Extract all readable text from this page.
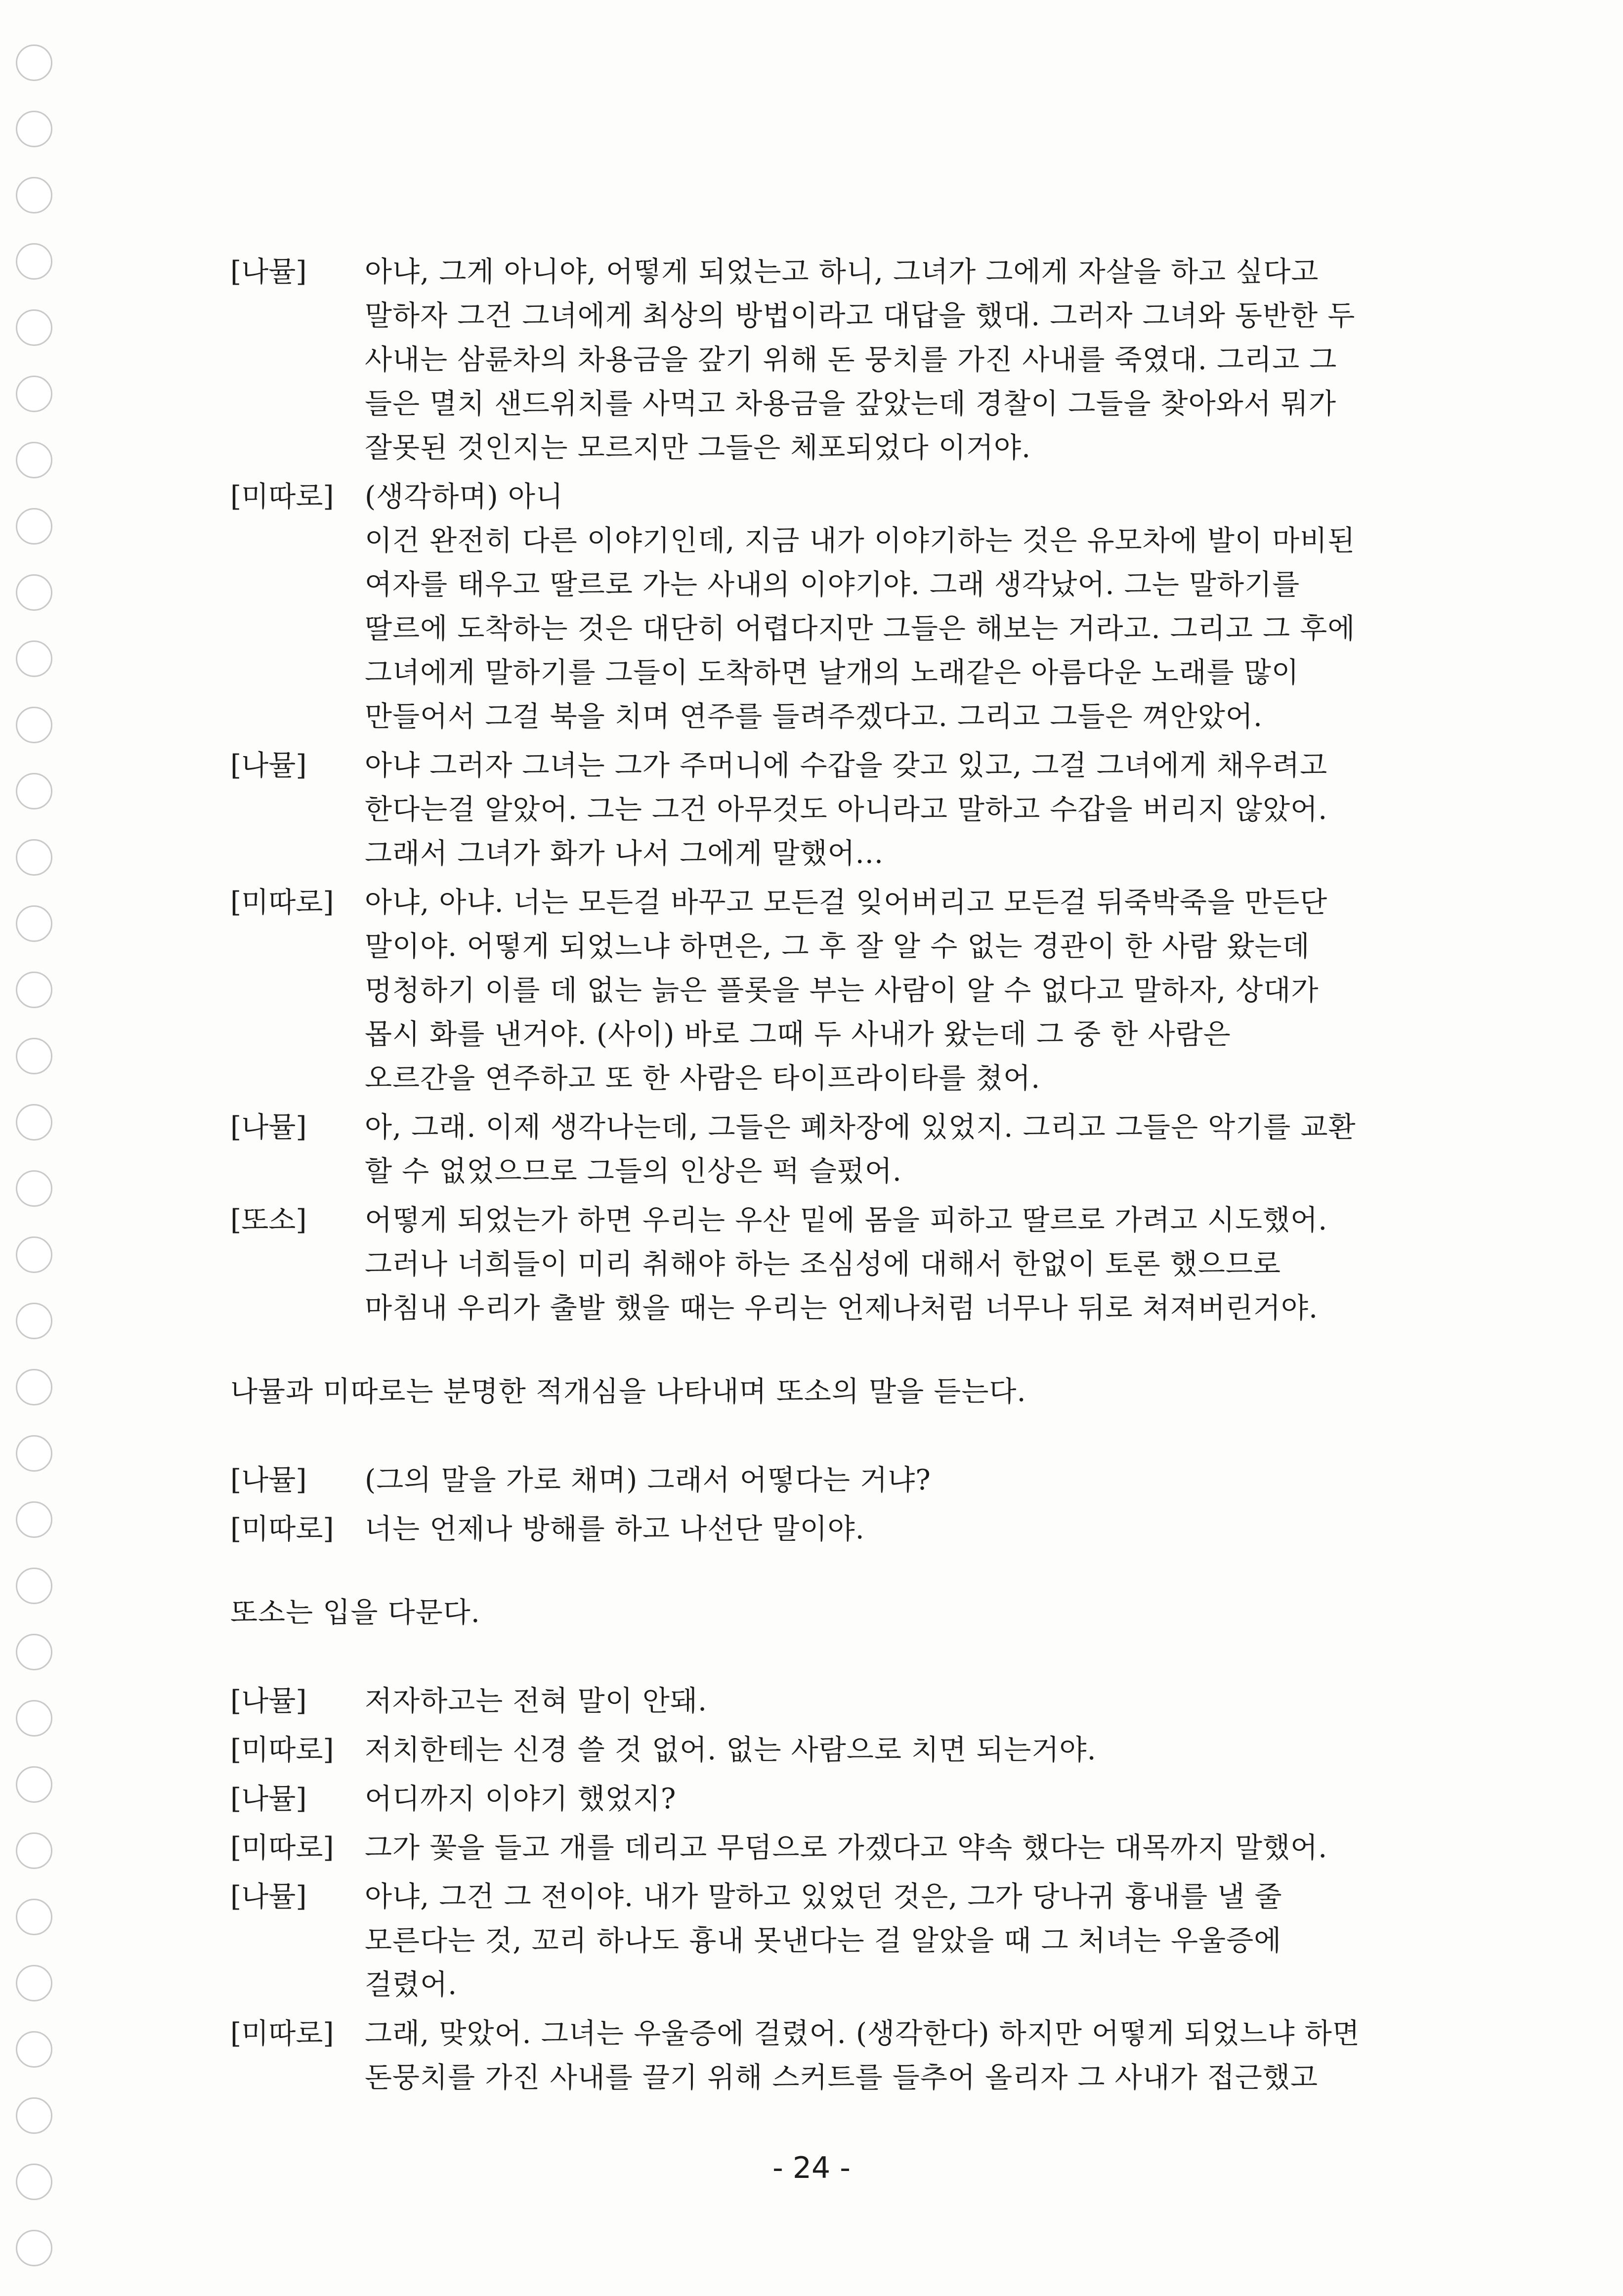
[나뮬]	아냐, 그게 아니야, 어떻게 되었는고 하니, 그녀가 그에게 자살을 하고 싶다고
말하자 그건 그녀에게 최상의 방법이라고 대답을 했대. 그러자 그녀와 동반한 두
사내는 삼륜차의 차용금을 갚기 위해 돈 뭉치를 가진 사내를 죽였대. 그리고 그
들은 멸치 샌드위치를 사먹고 차용금을 갚았는데 경찰이 그들을 찾아와서 뭐가
잘못된 것인지는 모르지만 그들은 체포되었다 이거야.
[미따로]	(생각하며) 아니
이건 완전히 다른 이야기인데, 지금 내가 이야기하는 것은 유모차에 발이 마비된
여자를 태우고 딸르로 가는 사내의 이야기야. 그래 생각났어. 그는 말하기를
딸르에 도착하는 것은 대단히 어렵다지만 그들은 해보는 거라고. 그리고 그 후에
그녀에게 말하기를 그들이 도착하면 날개의 노래같은 아름다운 노래를 많이
만들어서 그걸 북을 치며 연주를 들려주겠다고. 그리고 그들은 껴안았어.
[나뮬]	아냐 그러자 그녀는 그가 주머니에 수갑을 갖고 있고, 그걸 그녀에게 채우려고
한다는걸 알았어. 그는 그건 아무것도 아니라고 말하고 수갑을 버리지 않았어.
그래서 그녀가 화가 나서 그에게 말했어...
[미따로]	아냐, 아냐. 너는 모든걸 바꾸고 모든걸 잊어버리고 모든걸 뒤죽박죽을 만든단
말이야. 어떻게 되었느냐 하면은, 그 후 잘 알 수 없는 경관이 한 사람 왔는데
멍청하기 이를 데 없는 늙은 플롯을 부는 사람이 알 수 없다고 말하자, 상대가
몹시 화를 낸거야. (사이) 바로 그때 두 사내가 왔는데 그 중 한 사람은
오르간을 연주하고 또 한 사람은 타이프라이타를 쳤어.
[나뮬]	아, 그래. 이제 생각나는데, 그들은 폐차장에 있었지. 그리고 그들은 악기를 교환
할 수 없었으므로 그들의 인상은 퍽 슬펐어.
[또소]	어떻게 되었는가 하면 우리는 우산 밑에 몸을 피하고 딸르로 가려고 시도했어.
그러나 너희들이 미리 취해야 하는 조심성에 대해서 한없이 토론 했으므로
마침내 우리가 출발 했을 때는 우리는 언제나처럼 너무나 뒤로 쳐져버린거야.
나뮬과 미따로는 분명한 적개심을 나타내며 또소의 말을 듣는다.
[나뮬]	(그의 말을 가로 채며) 그래서 어떻다는 거냐?
[미따로]	너는 언제나 방해를 하고 나선단 말이야.
또소는 입을 다문다.
[나뮬]	저자하고는 전혀 말이 안돼.
[미따로]	저치한테는 신경 쓸 것 없어. 없는 사람으로 치면 되는거야.
[나뮬]	어디까지 이야기 했었지?
[미따로]	그가 꽃을 들고 개를 데리고 무덤으로 가겠다고 약속 했다는 대목까지 말했어.
[나뮬]	아냐, 그건 그 전이야. 내가 말하고 있었던 것은, 그가 당나귀 흉내를 낼 줄
모른다는 것, 꼬리 하나도 흉내 못낸다는 걸 알았을 때 그 처녀는 우울증에
걸렸어.
[미따로]	그래, 맞았어. 그녀는 우울증에 걸렸어. (생각한다) 하지만 어떻게 되었느냐 하면
돈뭉치를 가진 사내를 끌기 위해 스커트를 들추어 올리자 그 사내가 접근했고
- 24 -
